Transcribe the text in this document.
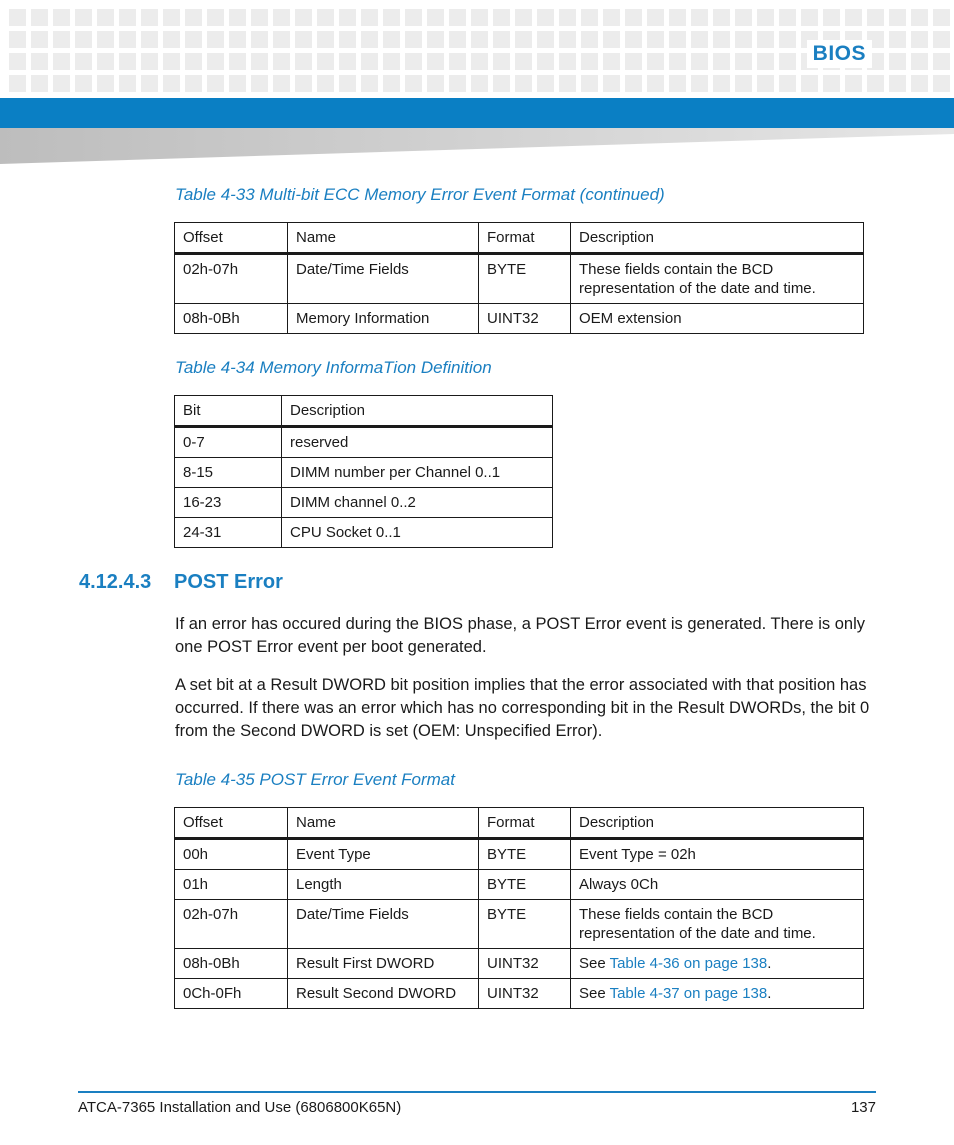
BIOS
Table 4-33 Multi-bit ECC Memory Error Event Format (continued)
Offset	Name	Format	Description
02h-07h	Date/Time Fields	BYTE	These fields contain the BCD representation of the date and time.
08h-0Bh	Memory Information	UINT32	OEM extension
Table 4-34 Memory InformaTion Definition
Bit	Description
0-7	reserved
8-15	DIMM number per Channel 0..1
16-23	DIMM channel 0..2
24-31	CPU Socket 0..1
4.12.4.3 POST Error

If an error has occured during the BIOS phase, a POST Error event is generated. There is only one POST Error event per boot generated.

A set bit at a Result DWORD bit position implies that the error associated with that position has occurred. If there was an error which has no corresponding bit in the Result DWORDs, the bit 0 from the Second DWORD is set (OEM: Unspecified Error).

Table 4-35 POST Error Event Format
Offset	Name	Format	Description
00h	Event Type	BYTE	Event Type = 02h
01h	Length	BYTE	Always 0Ch
02h-07h	Date/Time Fields	BYTE	These fields contain the BCD representation of the date and time.
08h-0Bh	Result First DWORD	UINT32	See Table 4-36 on page 138.
0Ch-0Fh	Result Second DWORD	UINT32	See Table 4-37 on page 138.
ATCA-7365 Installation and Use (6806800K65N)	137
